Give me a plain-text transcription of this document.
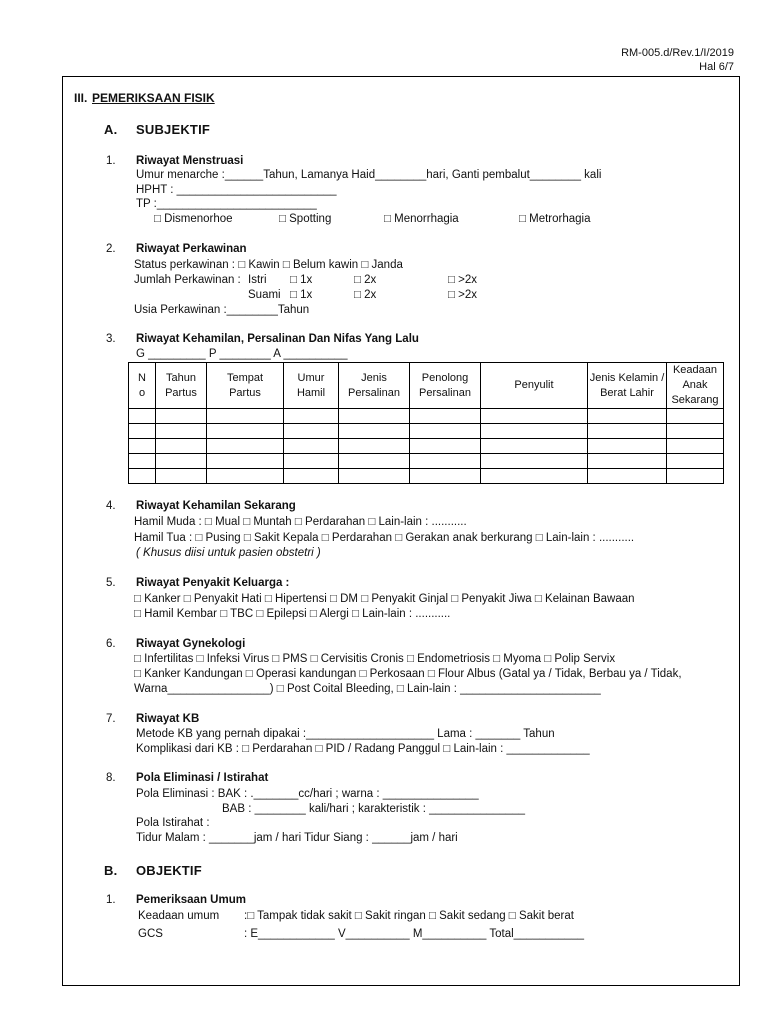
RM-005.d/Rev.1/I/2019
Hal 6/7
III. PEMERIKSAAN FISIK
A. SUBJEKTIF
1. Riwayat Menstruasi
Umur menarche :______Tahun, Lamanya Haid________hari, Ganti pembalut________ kali
HPHT : _________________________
TP :_________________________
□ Dismenorhoe	□ Spotting	□ Menorrhagia	□ Metrorhagia
2. Riwayat Perkawinan
Status perkawinan : □ Kawin □ Belum kawin □ Janda
Jumlah Perkawinan : Istri □ 1x	□ 2x	□ >2x
Suami □ 1x	□ 2x	□ >2x
Usia Perkawinan :________Tahun
3. Riwayat Kehamilan, Persalinan Dan Nifas Yang Lalu
G _________ P ________ A __________
N o	Tahun Partus	Tempat Partus	Umur Hamil	Jenis Persalinan	Penolong Persalinan	Penyulit	Jenis Kelamin / Berat Lahir	Keadaan Anak Sekarang

4. Riwayat Kehamilan Sekarang
Hamil Muda : □ Mual □ Muntah □ Perdarahan □ Lain-lain : ...........
Hamil Tua : □ Pusing □ Sakit Kepala □ Perdarahan □ Gerakan anak berkurang □ Lain-lain : ...........
( Khusus diisi untuk pasien obstetri )
5. Riwayat Penyakit Keluarga :
□ Kanker □ Penyakit Hati □ Hipertensi □ DM □ Penyakit Ginjal □ Penyakit Jiwa □ Kelainan Bawaan
□ Hamil Kembar □ TBC □ Epilepsi □ Alergi □ Lain-lain : ...........
6. Riwayat Gynekologi
□ Infertilitas □ Infeksi Virus □ PMS □ Cervisitis Cronis □ Endometriosis □ Myoma □ Polip Servix
□ Kanker Kandungan □ Operasi kandungan □ Perkosaan □ Flour Albus (Gatal ya / Tidak, Berbau ya / Tidak,
Warna________________) □ Post Coital Bleeding, □ Lain-lain : ______________________
7. Riwayat KB
Metode KB yang pernah dipakai :____________________ Lama : _______ Tahun
Komplikasi dari KB : □ Perdarahan □ PID / Radang Panggul □ Lain-lain : _____________
8. Pola Eliminasi / Istirahat
Pola Eliminasi : BAK : ._______cc/hari ; warna : _______________
BAB : ________ kali/hari ; karakteristik : _______________
Pola Istirahat :
Tidur Malam : _______jam / hari Tidur Siang : ______jam / hari
B. OBJEKTIF
1. Pemeriksaan Umum
Keadaan umum :□ Tampak tidak sakit □ Sakit ringan □ Sakit sedang □ Sakit berat
GCS	: E____________ V__________ M__________ Total___________
